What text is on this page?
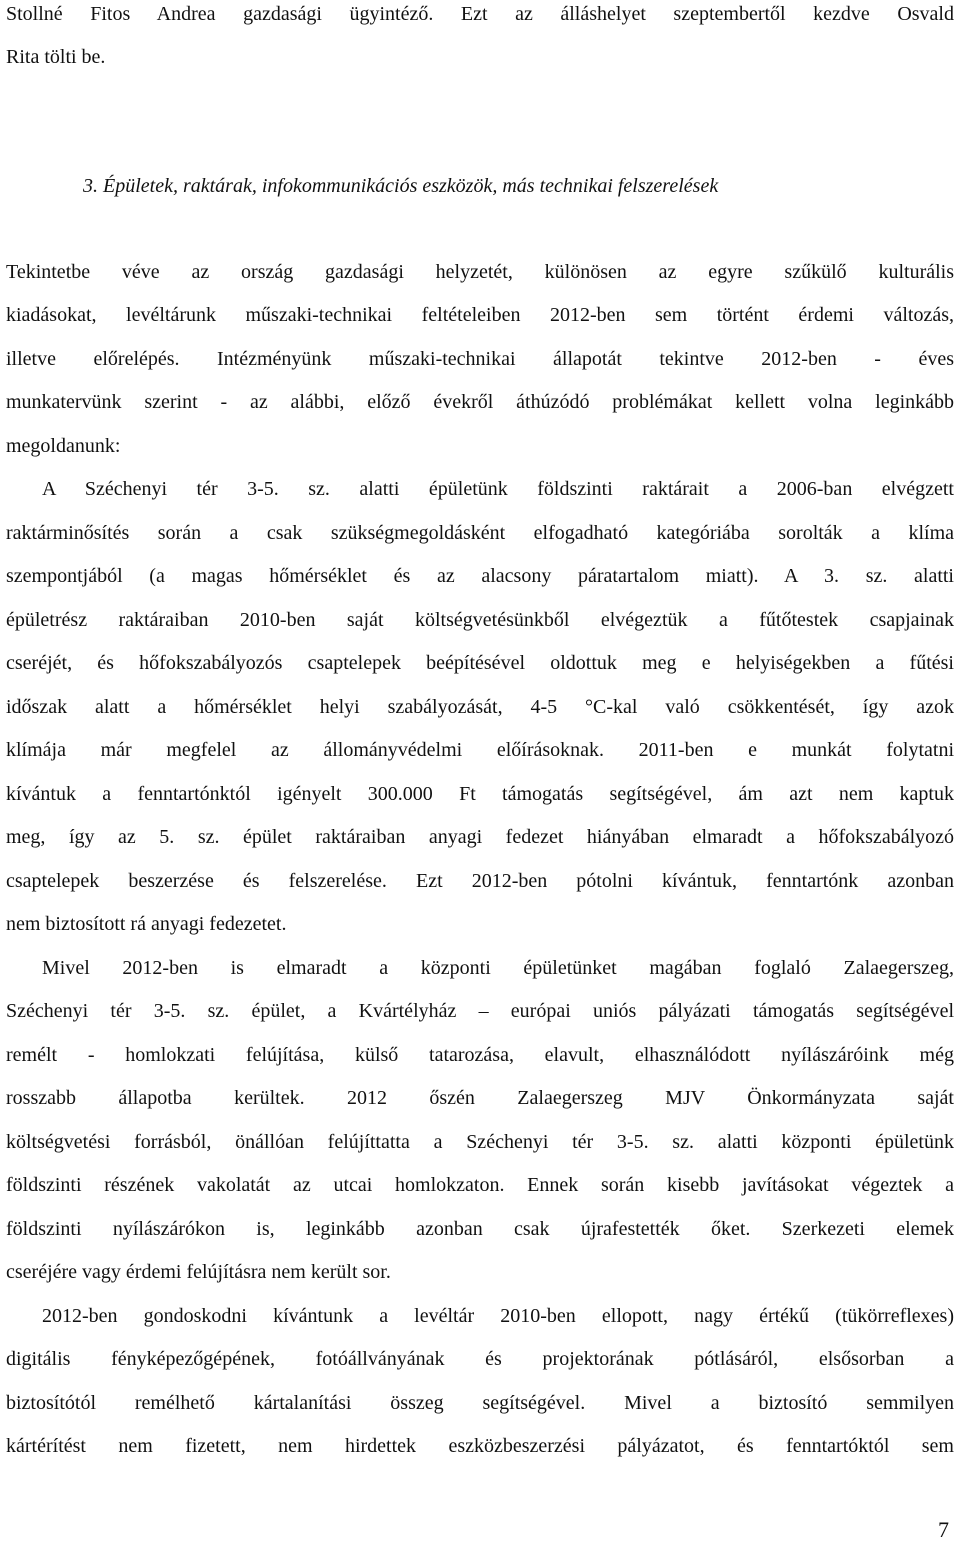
Stollné Fitos Andrea gazdasági ügyintéző. Ezt az álláshelyet szeptembertől kezdve Osvald
Rita tölti be.
3. Épületek, raktárak, infokommunikációs eszközök, más technikai felszerelések
Tekintetbe véve az ország gazdasági helyzetét, különösen az egyre szűkülő kulturális
kiadásokat, levéltárunk műszaki-technikai feltételeiben 2012-ben sem történt érdemi változás,
illetve előrelépés. Intézményünk műszaki-technikai állapotát tekintve 2012-ben - éves
munkatervünk szerint - az alábbi, előző évekről áthúzódó problémákat kellett volna leginkább
megoldanunk:
A Széchenyi tér 3-5. sz. alatti épületünk földszinti raktárait a 2006-ban elvégzett
raktárminősítés során a csak szükségmegoldásként elfogadható kategóriába sorolták a klíma
szempontjából (a magas hőmérséklet és az alacsony páratartalom miatt). A 3. sz. alatti
épületrész raktáraiban 2010-ben saját költségvetésünkből elvégeztük a fűtőtestek csapjainak
cseréjét, és hőfokszabályozós csaptelepek beépítésével oldottuk meg e helyiségekben a fűtési
időszak alatt a hőmérséklet helyi szabályozását, 4-5 °C-kal való csökkentését, így azok
klímája már megfelel az állományvédelmi előírásoknak. 2011-ben e munkát folytatni
kívántuk a fenntartónktól igényelt 300.000 Ft támogatás segítségével, ám azt nem kaptuk
meg, így az 5. sz. épület raktáraiban anyagi fedezet hiányában elmaradt a hőfokszabályozó
csaptelepek beszerzése és felszerelése. Ezt 2012-ben pótolni kívántuk, fenntartónk azonban
nem biztosított rá anyagi fedezetet.
Mivel 2012-ben is elmaradt a központi épületünket magában foglaló Zalaegerszeg,
Széchenyi tér 3-5. sz. épület, a Kvártélyház – európai uniós pályázati támogatás segítségével
remélt - homlokzati felújítása, külső tatarozása, elavult, elhasználódott nyílászáróink még
rosszabb állapotba kerültek. 2012 őszén Zalaegerszeg MJV Önkormányzata saját
költségvetési forrásból, önállóan felújíttatta a Széchenyi tér 3-5. sz. alatti központi épületünk
földszinti részének vakolatát az utcai homlokzaton. Ennek során kisebb javításokat végeztek a
földszinti nyílászárókon is, leginkább azonban csak újrafestették őket. Szerkezeti elemek
cseréjére vagy érdemi felújításra nem került sor.
2012-ben gondoskodni kívántunk a levéltár 2010-ben ellopott, nagy értékű (tükörreflexes)
digitális fényképezőgépének, fotóállványának és projektorának pótlásáról, elsősorban a
biztosítótól remélhető kártalanítási összeg segítségével. Mivel a biztosító semmilyen
kártérítést nem fizetett, nem hirdettek eszközbeszerzési pályázatot, és fenntartóktól sem
7
